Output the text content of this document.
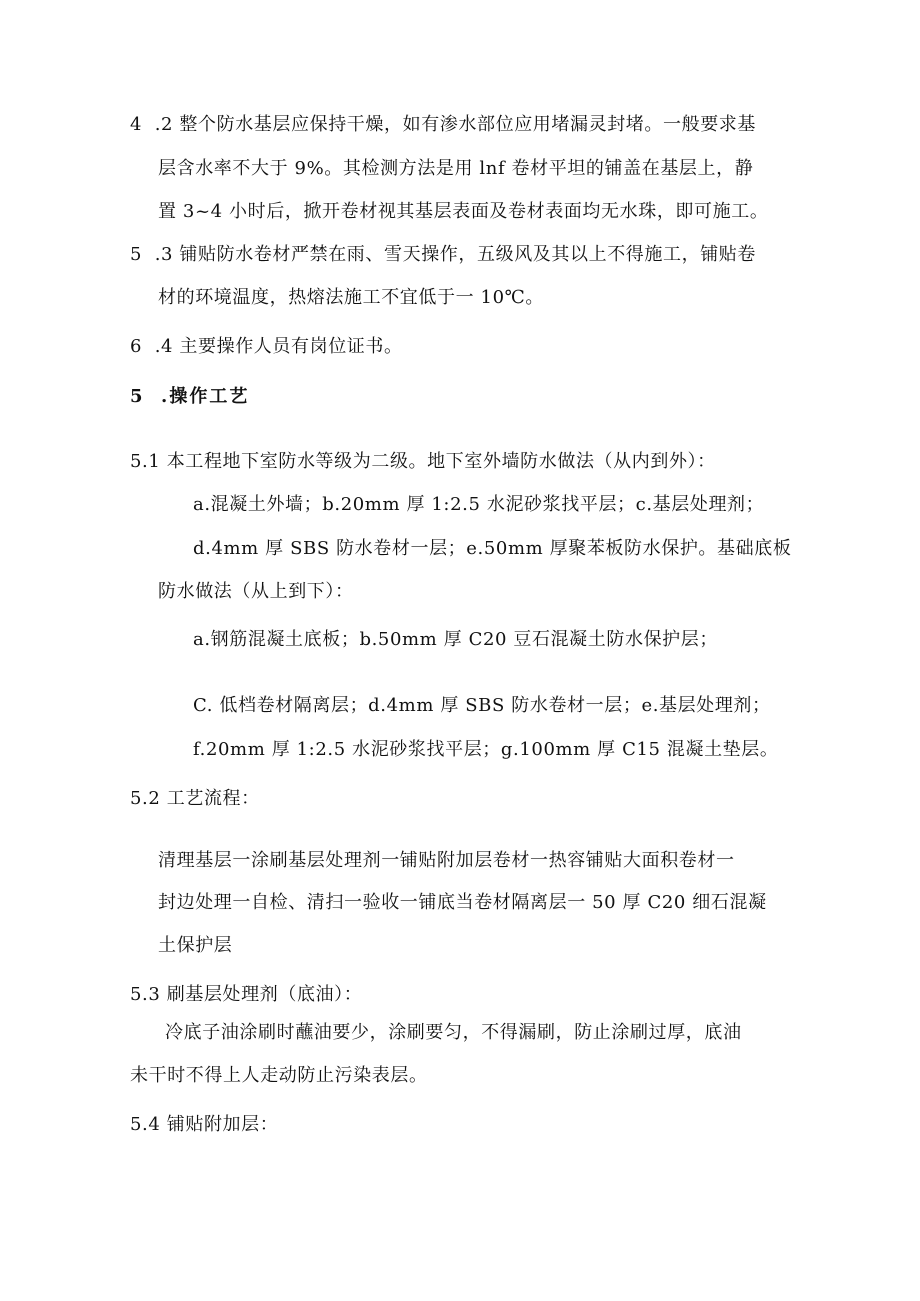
4  .2 整个防水基层应保持干燥，如有渗水部位应用堵漏灵封堵。一般要求基
层含水率不大于 9%。其检测方法是用 lnf 卷材平坦的铺盖在基层上，静
置 3~4 小时后，掀开卷材视其基层表面及卷材表面均无水珠，即可施工。
5  .3 铺贴防水卷材严禁在雨、雪天操作，五级风及其以上不得施工，铺贴卷
材的环境温度，热熔法施工不宜低于一 10℃。
6  .4 主要操作人员有岗位证书。
5  .操作工艺
5.1 本工程地下室防水等级为二级。地下室外墙防水做法（从内到外）：
a.混凝土外墙；b.20mm 厚 1:2.5 水泥砂浆找平层；c.基层处理剂；
d.4mm 厚 SBS 防水卷材一层；e.50mm 厚聚苯板防水保护。基础底板
防水做法（从上到下）：
a.钢筋混凝土底板；b.50mm 厚 C20 豆石混凝土防水保护层；
C. 低档卷材隔离层；d.4mm 厚 SBS 防水卷材一层；e.基层处理剂；
f.20mm 厚 1:2.5 水泥砂浆找平层；g.100mm 厚 C15 混凝土垫层。
5.2 工艺流程：
清理基层一涂刷基层处理剂一铺贴附加层卷材一热容铺贴大面积卷材一
封边处理一自检、清扫一验收一铺底当卷材隔离层一 50 厚 C20 细石混凝
土保护层
5.3 刷基层处理剂（底油）：
冷底子油涂刷时蘸油要少，涂刷要匀，不得漏刷，防止涂刷过厚，底油
未干时不得上人走动防止污染表层。
5.4 铺贴附加层：
